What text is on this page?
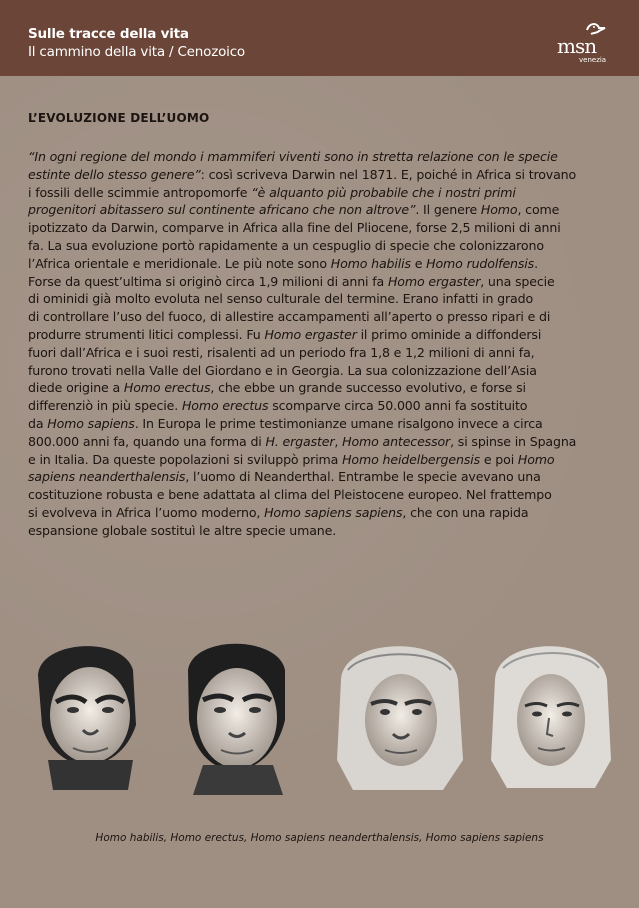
Sulle tracce della vita
Il cammino della vita / Cenozoico	msn
venezia
L’EVOLUZIONE DELL’UOMO
“In ogni regione del mondo i mammiferi viventi sono in stretta relazione con le specie
estinte dello stesso genere”: così scriveva Darwin nel 1871. E, poiché in Africa si trovano
i fossili delle scimmie antropomorfe “è alquanto più probabile che i nostri primi
progenitori abitassero sul continente africano che non altrove”. Il genere Homo, come
ipotizzato da Darwin, comparve in Africa alla fine del Pliocene, forse 2,5 milioni di anni
fa. La sua evoluzione portò rapidamente a un cespuglio di specie che colonizzarono
l’Africa orientale e meridionale. Le più note sono Homo habilis e Homo rudolfensis.
Forse da quest’ultima si originò circa 1,9 milioni di anni fa Homo ergaster, una specie
di ominidi già molto evoluta nel senso culturale del termine. Erano infatti in grado
di controllare l’uso del fuoco, di allestire accampamenti all’aperto o presso ripari e di
produrre strumenti litici complessi. Fu Homo ergaster il primo ominide a diffondersi
fuori dall’Africa e i suoi resti, risalenti ad un periodo fra 1,8 e 1,2 milioni di anni fa,
furono trovati nella Valle del Giordano e in Georgia. La sua colonizzazione dell’Asia
diede origine a Homo erectus, che ebbe un grande successo evolutivo, e forse si
differenziò in più specie. Homo erectus scomparve circa 50.000 anni fa sostituito
da Homo sapiens. In Europa le prime testimonianze umane risalgono invece a circa
800.000 anni fa, quando una forma di H. ergaster, Homo antecessor, si spinse in Spagna
e in Italia. Da queste popolazioni si sviluppò prima Homo heidelbergensis e poi Homo
sapiens neanderthalensis, l’uomo di Neanderthal. Entrambe le specie avevano una
costituzione robusta e bene adattata al clima del Pleistocene europeo. Nel frattempo
si evolveva in Africa l’uomo moderno, Homo sapiens sapiens, che con una rapida
espansione globale sostituì le altre specie umane.
Homo habilis, Homo erectus, Homo sapiens neanderthalensis, Homo sapiens sapiens
